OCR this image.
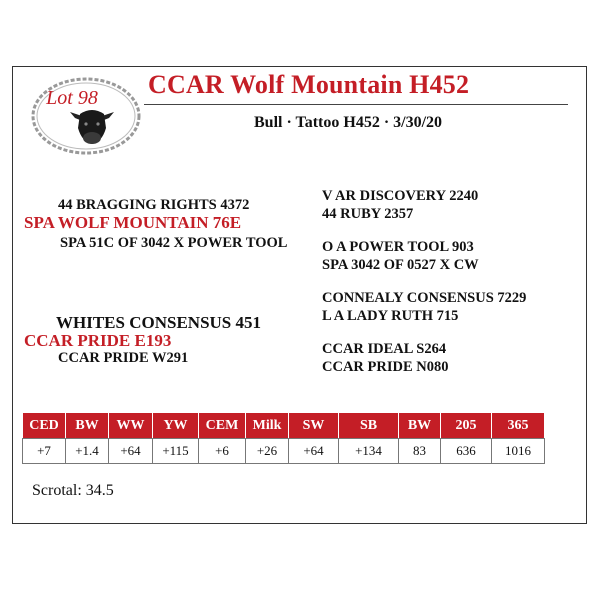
Lot 98 CCAR Wolf Mountain H452
Bull · Tattoo H452 · 3/30/20
44 BRAGGING RIGHTS 4372
SPA WOLF MOUNTAIN 76E
SPA 51C OF 3042 X POWER TOOL
WHITES CONSENSUS 451
CCAR PRIDE E193
CCAR PRIDE W291
V AR DISCOVERY 2240
44 RUBY 2357
O A POWER TOOL 903
SPA 3042 OF 0527 X CW
CONNEALY CONSENSUS 7229
L A LADY RUTH 715
CCAR IDEAL S264
CCAR PRIDE N080
CED	BW	WW	YW	CEM	Milk	SW	SB	BW	205	365
+7	+1.4	+64	+115	+6	+26	+64	+134	83	636	1016
Scrotal: 34.5
